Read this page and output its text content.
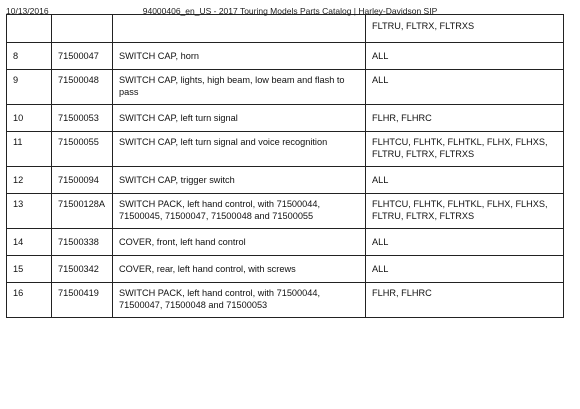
10/13/2016	94000406_en_US - 2017 Touring Models Parts Catalog | Harley-Davidson SIP
			FLTRU, FLTRX, FLTRXS
8	71500047	SWITCH CAP, horn	ALL
9	71500048	SWITCH CAP, lights, high beam, low beam and flash to pass	ALL
10	71500053	SWITCH CAP, left turn signal	FLHR, FLHRC
11	71500055	SWITCH CAP, left turn signal and voice recognition	FLHTCU, FLHTK, FLHTKL, FLHX, FLHXS, FLTRU, FLTRX, FLTRXS
12	71500094	SWITCH CAP, trigger switch	ALL
13	71500128A	SWITCH PACK, left hand control, with 71500044, 71500045, 71500047, 71500048 and 71500055	FLHTCU, FLHTK, FLHTKL, FLHX, FLHXS, FLTRU, FLTRX, FLTRXS
14	71500338	COVER, front, left hand control	ALL
15	71500342	COVER, rear, left hand control, with screws	ALL
16	71500419	SWITCH PACK, left hand control, with 71500044, 71500047, 71500048 and 71500053	FLHR, FLHRC
